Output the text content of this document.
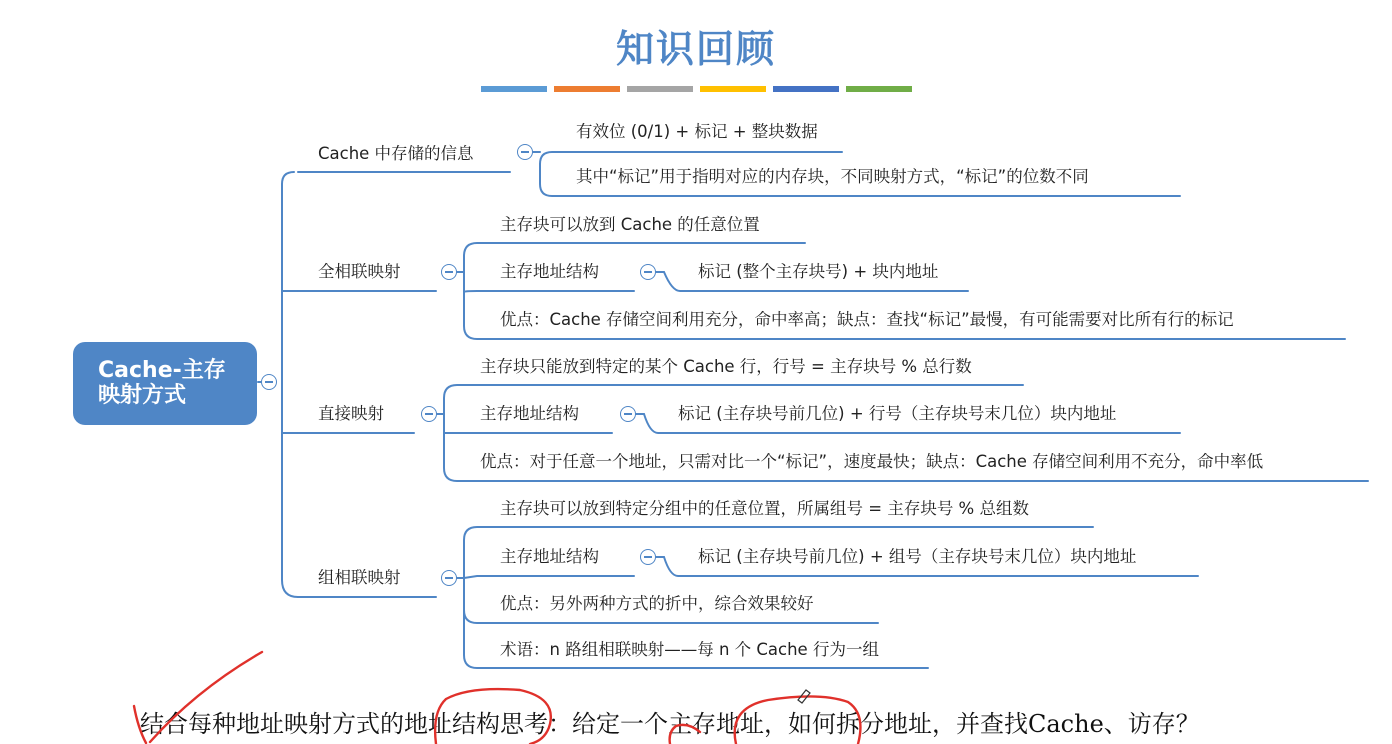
知识回顾
Cache-主存
映射方式
Cache 中存储的信息
有效位 (0/1) + 标记 + 整块数据
其中“标记”用于指明对应的内存块，不同映射方式，“标记”的位数不同
全相联映射
主存块可以放到 Cache 的任意位置
主存地址结构	标记 (整个主存块号) + 块内地址
优点：Cache 存储空间利用充分，命中率高；缺点：查找“标记”最慢，有可能需要对比所有行的标记
直接映射
主存块只能放到特定的某个 Cache 行，行号 = 主存块号 % 总行数
主存地址结构	标记 (主存块号前几位) + 行号（主存块号末几位）块内地址
优点：对于任意一个地址，只需对比一个“标记”，速度最快；缺点：Cache 存储空间利用不充分，命中率低
组相联映射
主存块可以放到特定分组中的任意位置，所属组号 = 主存块号 % 总组数
主存地址结构	标记 (主存块号前几位) + 组号（主存块号末几位）块内地址
优点：另外两种方式的折中，综合效果较好
术语：n 路组相联映射——每 n 个 Cache 行为一组
结合每种地址映射方式的地址结构思考：给定一个主存地址，如何拆分地址，并查找Cache、访存？
